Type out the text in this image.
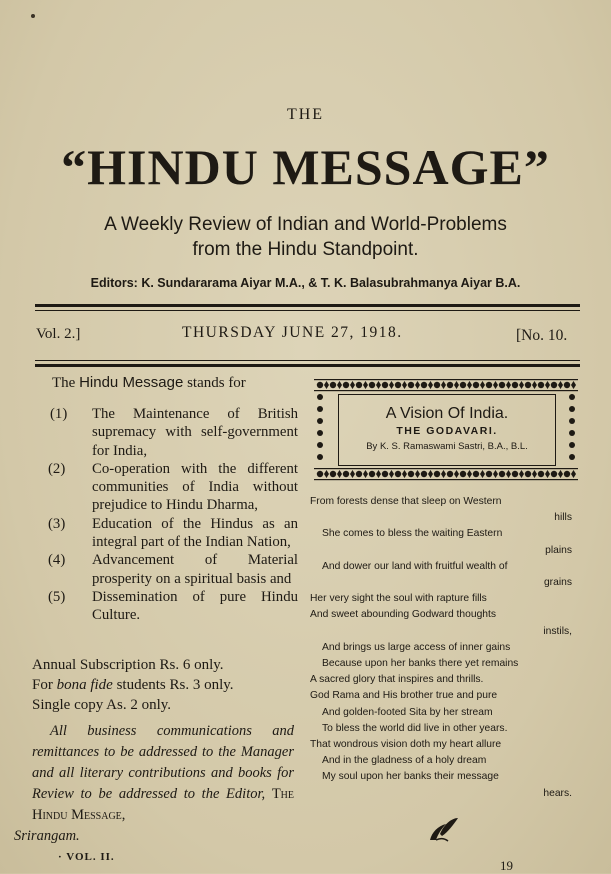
THE
“HINDU MESSAGE”
A Weekly Review of Indian and World-Problems
from the Hindu Standpoint.
Editors: K. Sundararama Aiyar M.A., & T. K. Balasubrahmanya Aiyar B.A.
Vol. 2.]	THURSDAY JUNE 27, 1918.	[No. 10.
The Hindu Message stands for
(1) The Maintenance of British supremacy with self-government for India,
(2) Co-operation with the different communities of India without prejudice to Hindu Dharma,
(3) Education of the Hindus as an integral part of the Indian Nation,
(4) Advancement of Material prosperity on a spiritual basis and
(5) Dissemination of pure Hindu Culture.
Annual Subscription Rs. 6 only.
For bona fide students Rs. 3 only.
Single copy As. 2 only.
All business communications and remittances to be addressed to the Manager and all literary contributions and books for Review to be addressed to the Editor, The Hindu Message,
Srirangam.
· VOL. II.
A Vision Of India.
THE GODAVARI.
By K. S. Ramaswami Sastri, B.A., B.L.
From forests dense that sleep on Western
hills
She comes to bless the waiting Eastern
plains
And dower our land with fruitful wealth of
grains
Her very sight the soul with rapture fills
And sweet abounding Godward thoughts
instils,
And brings us large access of inner gains
Because upon her banks there yet remains
A sacred glory that inspires and thrills.
God Rama and His brother true and pure
And golden-footed Sita by her stream
To bless the world did live in other years.
That wondrous vision doth my heart allure
And in the gladness of a holy dream
My soul upon her banks their message
hears.
19
